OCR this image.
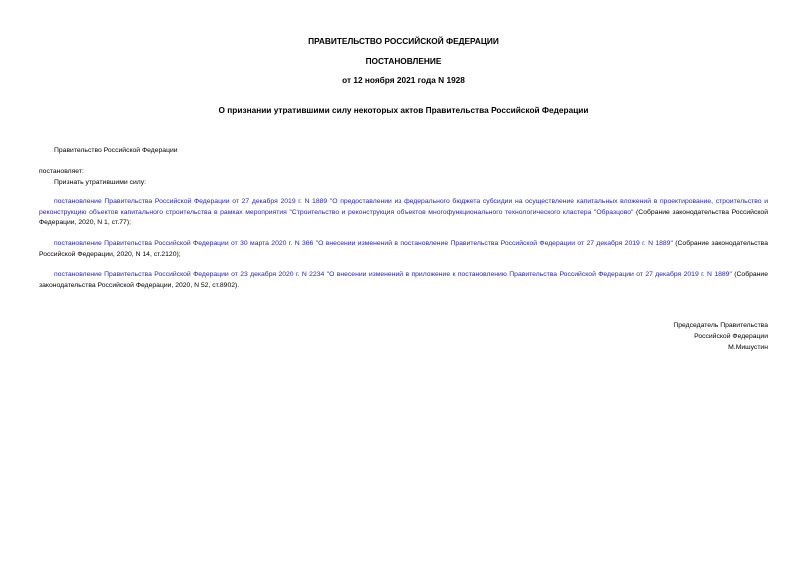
ПРАВИТЕЛЬСТВО РОССИЙСКОЙ ФЕДЕРАЦИИ
ПОСТАНОВЛЕНИЕ
от 12 ноября 2021 года N 1928
О признании утратившими силу некоторых актов Правительства Российской Федерации
Правительство Российской Федерации
постановляет:
Признать утратившими силу:
постановление Правительства Российской Федерации от 27 декабря 2019 г. N 1889 "О предоставлении из федерального бюджета субсидии на осуществление капитальных вложений в проектирование, строительство и реконструкцию объектов капитального строительства в рамках мероприятия "Строительство и реконструкция объектов многофункционального технологического кластера "Образцово" (Собрание законодательства Российской Федерации, 2020, N 1, ст.77);
постановление Правительства Российской Федерации от 30 марта 2020 г. N 366 "О внесении изменений в постановление Правительства Российской Федерации от 27 декабря 2019 г. N 1889" (Собрание законодательства Российской Федерации, 2020, N 14, ст.2120);
постановление Правительства Российской Федерации от 23 декабря 2020 г. N 2234 "О внесении изменений в приложение к постановлению Правительства Российской Федерации от 27 декабря 2019 г. N 1889" (Собрание законодательства Российской Федерации, 2020, N 52, ст.8902).
Председатель Правительства
Российской Федерации
М.Мишустин
